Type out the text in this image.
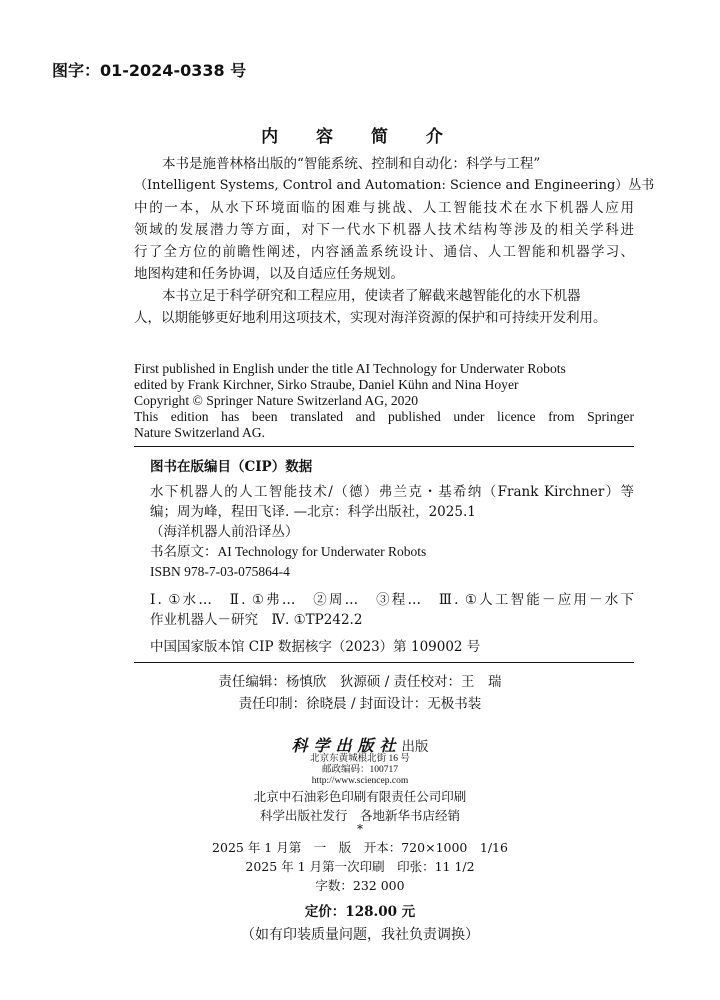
图字：01-2024-0338 号
内 容 简 介
本书是施普林格出版的“智能系统、控制和自动化：科学与工程”
（Intelligent Systems, Control and Automation: Science and Engineering）丛书
中的一本，从水下环境面临的困难与挑战、人工智能技术在水下机器人应用
领域的发展潜力等方面，对下一代水下机器人技术结构等涉及的相关学科进
行了全方位的前瞻性阐述，内容涵盖系统设计、通信、人工智能和机器学习、
地图构建和任务协调，以及自适应任务规划。
本书立足于科学研究和工程应用，使读者了解截来越智能化的水下机器
人，以期能够更好地利用这项技术，实现对海洋资源的保护和可持续开发利用。
First published in English under the title AI Technology for Underwater Robots
edited by Frank Kirchner, Sirko Straube, Daniel Kühn and Nina Hoyer
Copyright © Springer Nature Switzerland AG, 2020
This edition has been translated and published under licence from Springer
Nature Switzerland AG.
图书在版编目（CIP）数据
水下机器人的人工智能技术/（德）弗兰克・基希纳（Frank Kirchner）等
编；周为峰，程田飞译. —北京：科学出版社，2025.1
（海洋机器人前沿译丛）
书名原文：AI Technology for Underwater Robots
ISBN 978-7-03-075864-4
Ⅰ. ①水…　Ⅱ. ①弗…　②周…　③程…　Ⅲ. ①人工智能－应用－水下
作业机器人－研究　Ⅳ. ①TP242.2
中国国家版本馆 CIP 数据核字（2023）第 109002 号
责任编辑：杨慎欣　狄源硕 / 责任校对：王　瑞
责任印制：徐晓晨 / 封面设计：无极书装
科学出版社出版
北京东黄城根北街 16 号
邮政编码：100717
http://www.sciencep.com
北京中石油彩色印刷有限责任公司印刷
科学出版社发行　各地新华书店经销
*
2025 年 1 月第　一　版　开本：720×1000　1/16
2025 年 1 月第一次印刷　印张：11 1/2
字数：232 000
定价：128.00 元
（如有印装质量问题，我社负责调换）
